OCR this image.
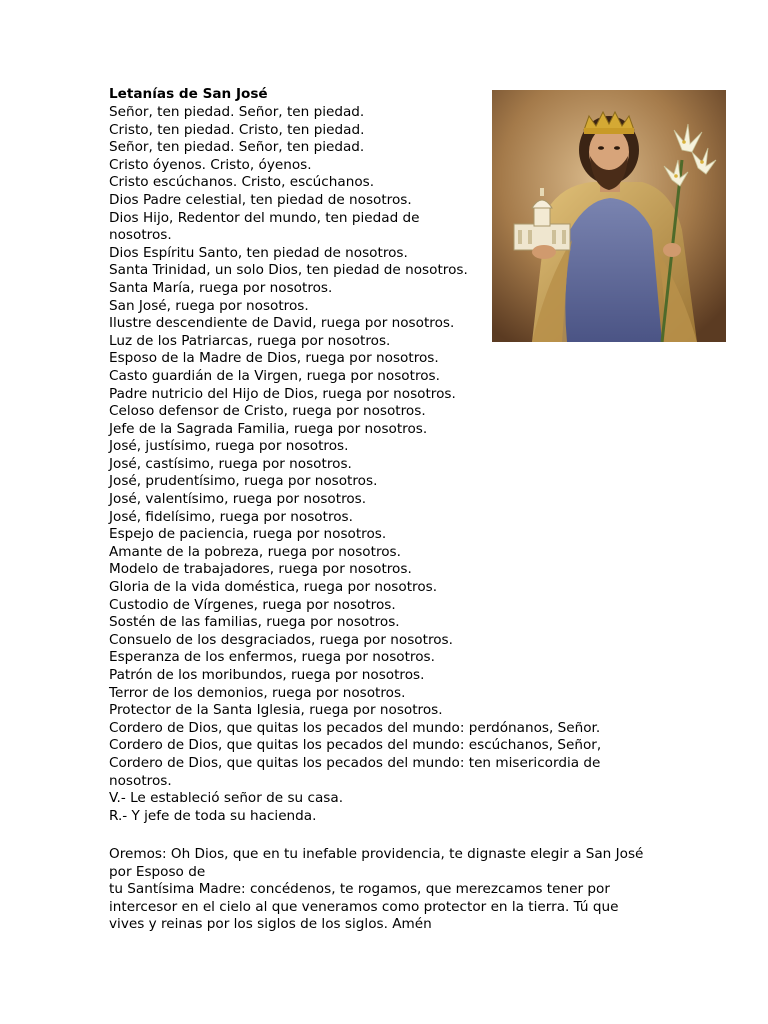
Letanías de San José
Señor, ten piedad. Señor, ten piedad.
Cristo, ten piedad. Cristo, ten piedad.
Señor, ten piedad. Señor, ten piedad.
Cristo óyenos. Cristo, óyenos.
Cristo escúchanos. Cristo, escúchanos.
Dios Padre celestial, ten piedad de nosotros.
Dios Hijo, Redentor del mundo, ten piedad de
nosotros.
Dios Espíritu Santo, ten piedad de nosotros.
Santa Trinidad, un solo Dios, ten piedad de nosotros.
Santa María, ruega por nosotros.
San José, ruega por nosotros.
Ilustre descendiente de David, ruega por nosotros.
Luz de los Patriarcas, ruega por nosotros.
Esposo de la Madre de Dios, ruega por nosotros.
Casto guardián de la Virgen, ruega por nosotros.
Padre nutricio del Hijo de Dios, ruega por nosotros.
Celoso defensor de Cristo, ruega por nosotros.
Jefe de la Sagrada Familia, ruega por nosotros.
José, justísimo, ruega por nosotros.
José, castísimo, ruega por nosotros.
José, prudentísimo, ruega por nosotros.
José, valentísimo, ruega por nosotros.
José, fidelísimo, ruega por nosotros.
Espejo de paciencia, ruega por nosotros.
Amante de la pobreza, ruega por nosotros.
Modelo de trabajadores, ruega por nosotros.
Gloria de la vida doméstica, ruega por nosotros.
Custodio de Vírgenes, ruega por nosotros.
Sostén de las familias, ruega por nosotros.
Consuelo de los desgraciados, ruega por nosotros.
Esperanza de los enfermos, ruega por nosotros.
Patrón de los moribundos, ruega por nosotros.
Terror de los demonios, ruega por nosotros.
Protector de la Santa Iglesia, ruega por nosotros.
Cordero de Dios, que quitas los pecados del mundo: perdónanos, Señor.
Cordero de Dios, que quitas los pecados del mundo: escúchanos, Señor,
Cordero de Dios, que quitas los pecados del mundo: ten misericordia de
nosotros.
V.- Le estableció señor de su casa.
R.- Y jefe de toda su hacienda.
Oremos: Oh Dios, que en tu inefable providencia, te dignaste elegir a San José
por Esposo de
tu Santísima Madre: concédenos, te rogamos, que merezcamos tener por
intercesor en el cielo al que veneramos como protector en la tierra. Tú que
vives y reinas por los siglos de los siglos. Amén
